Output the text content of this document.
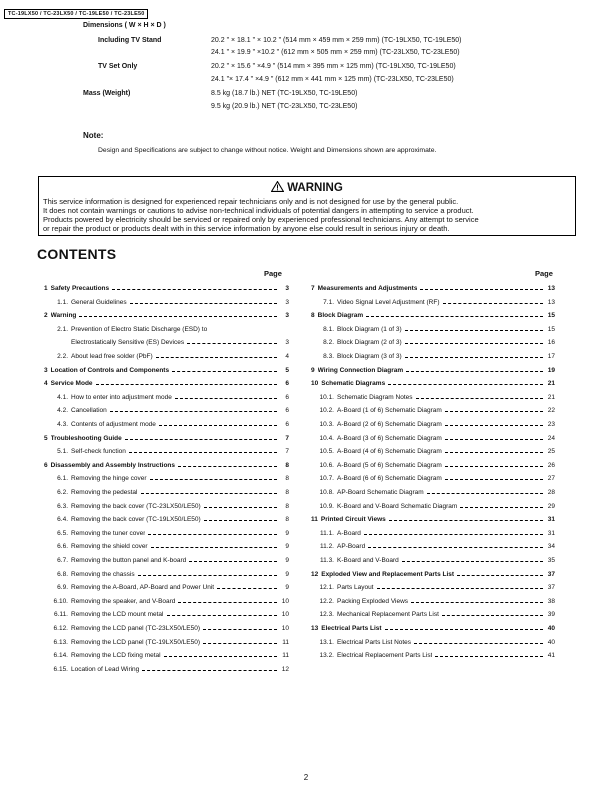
TC-19LX50 / TC-23LX50 / TC-19LE50 / TC-23LE50
Dimensions ( W × H × D )
Including TV Stand	20.2 " × 18.1 " × 10.2 " (514 mm × 459 mm × 259 mm) (TC-19LX50, TC-19LE50)
24.1 " × 19.9 " ×10.2 " (612 mm × 505 mm × 259 mm) (TC-23LX50, TC-23LE50)
TV Set Only	20.2 " × 15.6 " ×4.9 " (514 mm × 395 mm × 125 mm) (TC-19LX50, TC-19LE50)
24.1 "× 17.4 " ×4.9 " (612 mm × 441 mm × 125 mm) (TC-23LX50, TC-23LE50)
Mass (Weight)	8.5 kg (18.7 lb.) NET (TC-19LX50, TC-19LE50)
9.5 kg (20.9 lb.) NET (TC-23LX50, TC-23LE50)
Note:
Design and Specifications are subject to change without notice. Weight and Dimensions shown are approximate.
WARNING
This service information is designed for experienced repair technicians only and is not designed for use by the general public.
It does not contain warnings or cautions to advise non-technical individuals of potential dangers in attempting to service a product.
Products powered by electricity should be serviced or repaired only by experienced professional technicians. Any attempt to service
or repair the product or products dealt with in this service information by anyone else could result in serious injury or death.
CONTENTS
Page	Page
1 Safety Precautions	3
1.1. General Guidelines	3
2 Warning	3
2.1. Prevention of Electro Static Discharge (ESD) to
Electrostatically Sensitive (ES) Devices	3
2.2. About lead free solder (PbF)	4
3 Location of Controls and Components	5
4 Service Mode	6
4.1. How to enter into adjustment mode	6
4.2. Cancellation	6
4.3. Contents of adjustment mode	6
5 Troubleshooting Guide	7
5.1. Self-check function	7
6 Disassembly and Assembly Instructions	8
6.1. Removing the hinge cover	8
6.2. Removing the pedestal	8
6.3. Removing the back cover (TC-23LX50/LE50)	8
6.4. Removing the back cover (TC-19LX50/LE50)	8
6.5. Removing the tuner cover	9
6.6. Removing the shield cover	9
6.7. Removing the button panel and K-board	9
6.8. Removing the chassis	9
6.9. Removing the A-Board, AP-Board and Power Unit	9
6.10. Removing the speaker, and V-Board	10
6.11. Removing the LCD mount metal	10
6.12. Removing the LCD panel (TC-23LX50/LE50)	10
6.13. Removing the LCD panel (TC-19LX50/LE50)	11
6.14. Removing the LCD fixing metal	11
6.15. Location of Lead Wiring	12
7 Measurements and Adjustments	13
7.1. Video Signal Level Adjustment (RF)	13
8 Block Diagram	15
8.1. Block Diagram (1 of 3)	15
8.2. Block Diagram (2 of 3)	16
8.3. Block Diagram (3 of 3)	17
9 Wiring Connection Diagram	19
10 Schematic Diagrams	21
10.1. Schematic Diagram Notes	21
10.2. A-Board (1 of 6) Schematic Diagram	22
10.3. A-Board (2 of 6) Schematic Diagram	23
10.4. A-Board (3 of 6) Schematic Diagram	24
10.5. A-Board (4 of 6) Schematic Diagram	25
10.6. A-Board (5 of 6) Schematic Diagram	26
10.7. A-Board (6 of 6) Schematic Diagram	27
10.8. AP-Board Schematic Diagram	28
10.9. K-Board and V-Board Schematic Diagram	29
11 Printed Circuit Views	31
11.1. A-Board	31
11.2. AP-Board	34
11.3. K-Board and V-Board	35
12 Exploded View and Replacement Parts List	37
12.1. Parts Layout	37
12.2. Packing Exploded Views	38
12.3. Mechanical Replacement Parts List	39
13 Electrical Parts List	40
13.1. Electrical Parts List Notes	40
13.2. Electrical Replacement Parts List	41
2
